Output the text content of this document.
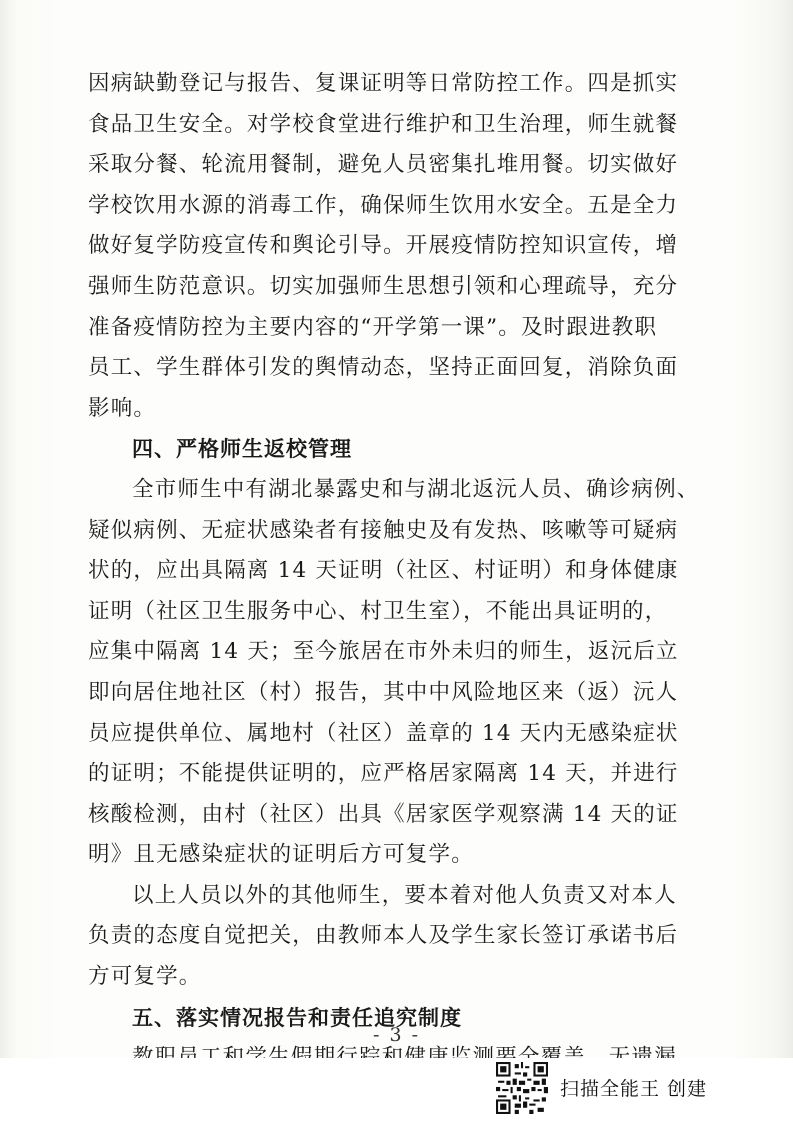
因病缺勤登记与报告、复课证明等日常防控工作。四是抓实
食品卫生安全。对学校食堂进行维护和卫生治理，师生就餐
采取分餐、轮流用餐制，避免人员密集扎堆用餐。切实做好
学校饮用水源的消毒工作，确保师生饮用水安全。五是全力
做好复学防疫宣传和舆论引导。开展疫情防控知识宣传，增
强师生防范意识。切实加强师生思想引领和心理疏导，充分
准备疫情防控为主要内容的“开学第一课”。及时跟进教职
员工、学生群体引发的舆情动态，坚持正面回复，消除负面
影响。
四、严格师生返校管理
全市师生中有湖北暴露史和与湖北返沅人员、确诊病例、
疑似病例、无症状感染者有接触史及有发热、咳嗽等可疑病
状的，应出具隔离 14 天证明（社区、村证明）和身体健康
证明（社区卫生服务中心、村卫生室），不能出具证明的，
应集中隔离 14 天；至今旅居在市外未归的师生，返沅后立
即向居住地社区（村）报告，其中中风险地区来（返）沅人
员应提供单位、属地村（社区）盖章的 14 天内无感染症状
的证明；不能提供证明的，应严格居家隔离 14 天，并进行
核酸检测，由村（社区）出具《居家医学观察满 14 天的证
明》且无感染症状的证明后方可复学。
以上人员以外的其他师生，要本着对他人负责又对本人
负责的态度自觉把关，由教师本人及学生家长签订承诺书后
方可复学。
五、落实情况报告和责任追究制度
- 3 -
扫描全能王 创建
